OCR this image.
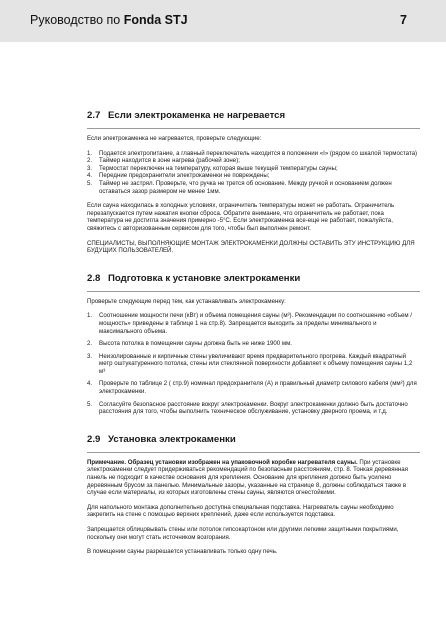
Руководство по Fonda STJ	7
2.7 Если электрокаменка не нагревается

Если электрокаменка не нагревается, проверьте следующие:

1. Подается электропитание, а главный переключатель находится в положении «I» (рядом со шкалой термостата)
2. Таймер находится в зоне нагрева (рабочей зоне);
3. Термостат переключен на температуру, которая выше текущей температуры сауны;
4. Передние предохранители электрокаменки не повреждены;
5. Таймер не застрял. Проверьте, что ручка не трется об основание. Между ручкой и основанием должен оставаться зазор размером не менее 1мм.

Если сауна находилась в холодных условиях, ограничитель температуры может не работать. Ограничитель перезапускается путем нажатия кнопки сброса. Обратите внимание, что ограничитель не работает, пока температура не достигла значения примерно -5°С. Если электрокаменка все-еще не работает, пожалуйста, свяжитесь с авторизованным сервисом для того, чтобы был выполнен ремонт.

СПЕЦИАЛИСТЫ, ВЫПОЛНЯЮЩИЕ МОНТАЖ ЭЛЕКТРОКАМЕНКИ ДОЛЖНЫ ОСТАВИТЬ ЭТУ ИНСТРУКЦИЮ ДЛЯ БУДУЩИХ ПОЛЬЗОВАТЕЛЕЙ.

2.8 Подготовка к установке электрокаменки

Проверьте следующие перед тем, как устанавливать электрокаменку:

1. Соотношение мощности печи (кВт) и объема помещения сауны (м³). Рекомендации по соотношению «объем / мощность» приведены в таблице 1 на стр.8). Запрещается выходить за пределы минимального и максимального объема.
2. Высота потолка в помещении сауны должна быть не ниже 1900 мм.
3. Неизолированные и кирпичные стены увеличивают время предварительного прогрева. Каждый квадратный метр оштукатуренного потолка, стены или стеклянной поверхности добавляет к объему помещения сауны 1,2 м³
4. Проверьте по таблице 2 ( стр.9) номинал предохранителя (А) и правильный диаметр силового кабеля (мм²) для электрокаменки.
5. Согласуйте безопасное расстояние вокруг электрокаменки. Вокруг электрокаменки должно быть достаточно расстояния для того, чтобы выполнить техническое обслуживание, установку дверного проема, и т.д.
2.9 Установка электрокаменки

Примечание. Образец установки изображен на упаковочной коробке нагревателя сауны. При установке электрокаменки следует придерживаться рекомендаций по безопасным расстояниям, стр. 8. Тонкая деревянная панель не подходит в качестве основания для крепления. Основание для крепления должно быть усилено деревянным брусом за панелью. Минимальные зазоры, указанные на странице 8, должны соблюдаться также в случае если материалы, из которых изготовлены стены сауны, являются огнестойкими.

Для напольного монтажа дополнительно доступна специальная подставка. Нагреватель сауны необходимо закрепить на стене с помощью верхних креплений, даже если используется подставка.

Запрещается облицовывать стены или потолок гипсокартоном или другими легкими защитными покрытиями, поскольку они могут стать источником возгорания.

В помещении сауны разрешается устанавливать только одну печь.
